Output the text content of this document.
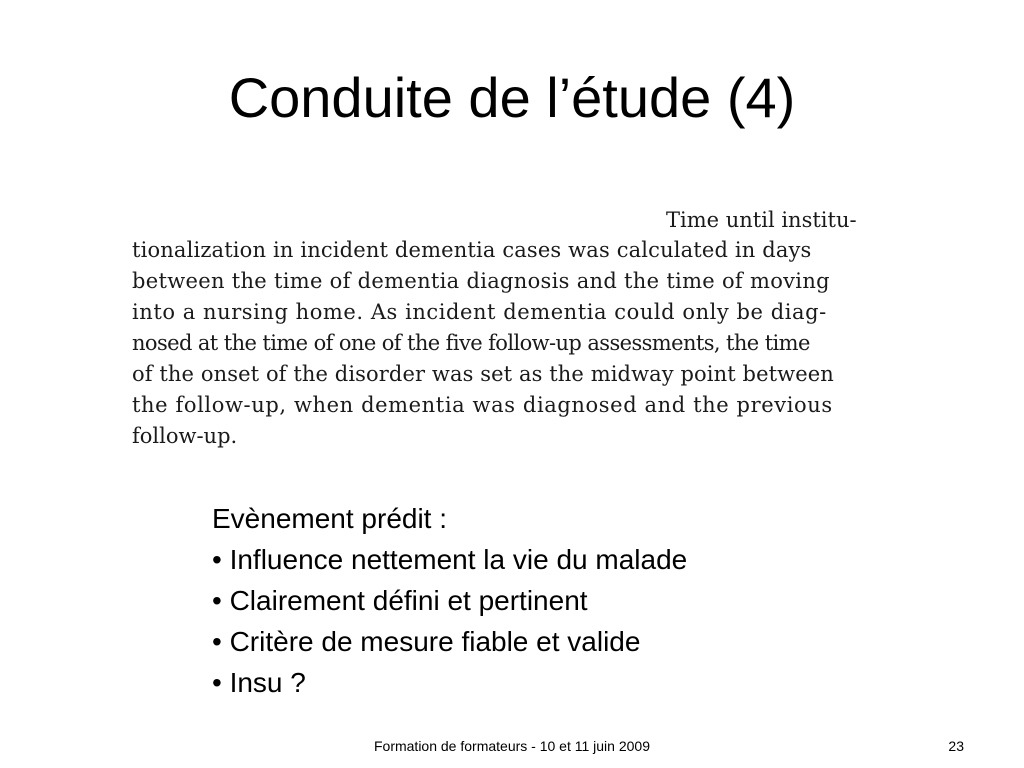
Conduite de l’étude (4)
Time until institu-
tionalization in incident dementia cases was calculated in days
between the time of dementia diagnosis and the time of moving
into a nursing home. As incident dementia could only be diag-
nosed at the time of one of the five follow-up assessments, the time
of the onset of the disorder was set as the midway point between
the follow-up, when dementia was diagnosed and the previous
follow-up.
Evènement prédit :
• Influence nettement la vie du malade
• Clairement défini et pertinent
• Critère de mesure fiable et valide
• Insu ?
Formation de formateurs - 10 et 11 juin 2009	23
